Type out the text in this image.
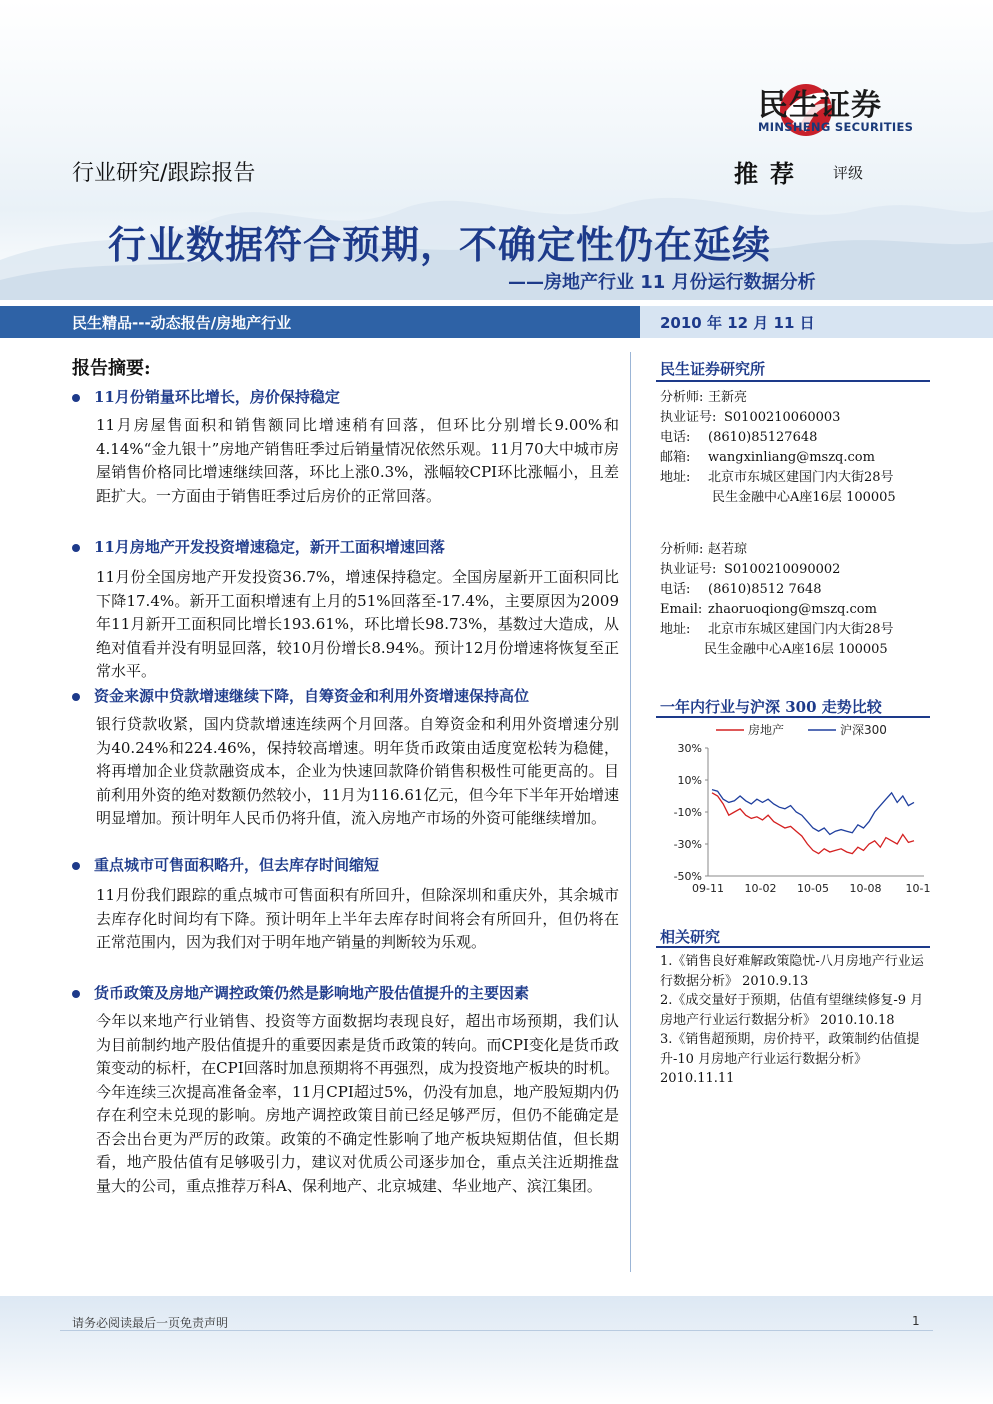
民生证券
MINSHENG SECURITIES
行业研究/跟踪报告	推荐 评级
行业数据符合预期，不确定性仍在延续
——房地产行业 11 月份运行数据分析
民生精品---动态报告/房地产行业	2010 年 12 月 11 日
报告摘要:
11月份销量环比增长，房价保持稳定
11月房屋售面积和销售额同比增速稍有回落，但环比分别增长9.00%和4.14%“金九银十”房地产销售旺季过后销量情况依然乐观。11月70大中城市房屋销售价格同比增速继续回落，环比上涨0.3%，涨幅较CPI环比涨幅小，且差距扩大。一方面由于销售旺季过后房价的正常回落。
11月房地产开发投资增速稳定，新开工面积增速回落
11月份全国房地产开发投资36.7%，增速保持稳定。全国房屋新开工面积同比下降17.4%。新开工面积增速有上月的51%回落至-17.4%，主要原因为2009年11月新开工面积同比增长193.61%，环比增长98.73%，基数过大造成，从绝对值看并没有明显回落，较10月份增长8.94%。预计12月份增速将恢复至正常水平。
资金来源中贷款增速继续下降，自筹资金和利用外资增速保持高位
银行贷款收紧，国内贷款增速连续两个月回落。自筹资金和利用外资增速分别为40.24%和224.46%，保持较高增速。明年货币政策由适度宽松转为稳健，将再增加企业贷款融资成本，企业为快速回款降价销售积极性可能更高的。目前利用外资的绝对数额仍然较小，11月为116.61亿元，但今年下半年开始增速明显增加。预计明年人民币仍将升值，流入房地产市场的外资可能继续增加。
重点城市可售面积略升，但去库存时间缩短
11月份我们跟踪的重点城市可售面积有所回升，但除深圳和重庆外，其余城市去库存化时间均有下降。预计明年上半年去库存时间将会有所回升，但仍将在正常范围内，因为我们对于明年地产销量的判断较为乐观。
货币政策及房地产调控政策仍然是影响地产股估值提升的主要因素
今年以来地产行业销售、投资等方面数据均表现良好，超出市场预期，我们认为目前制约地产股估值提升的重要因素是货币政策的转向。而CPI变化是货币政策变动的标杆，在CPI回落时加息预期将不再强烈，成为投资地产板块的时机。今年连续三次提高准备金率，11月CPI超过5%，仍没有加息，地产股短期内仍存在利空未兑现的影响。房地产调控政策目前已经足够严厉，但仍不能确定是否会出台更为严厉的政策。政策的不确定性影响了地产板块短期估值，但长期看，地产股估值有足够吸引力，建议对优质公司逐步加仓，重点关注近期推盘量大的公司，重点推荐万科A、保利地产、北京城建、华业地产、滨江集团。
民生证券研究所
分析师: 王新亮
执业证号: S0100210060003
电话: (8610)85127648
邮箱: wangxinliang@mszq.com
地址: 北京市东城区建国门内大街28号
民生金融中心A座16层 100005
分析师: 赵若琼
执业证号: S0100210090002
电话: (8610)8512 7648
Email: zhaoruoqiong@mszq.com
地址: 北京市东城区建国门内大街28号
民生金融中心A座16层 100005
一年内行业与沪深 300 走势比较
房地产	沪深300
30%
10%
-10%
-30%
-50%
09-11 10-02 10-05 10-08 10-1
相关研究
1.《销售良好难解政策隐忧-八月房地产行业运行数据分析》 2010.9.13
2.《成交量好于预期，估值有望继续修复-9 月房地产行业运行数据分析》 2010.10.18
3.《销售超预期，房价持平，政策制约估值提升-10 月房地产行业运行数据分析》2010.11.11
请务必阅读最后一页免责声明	1
